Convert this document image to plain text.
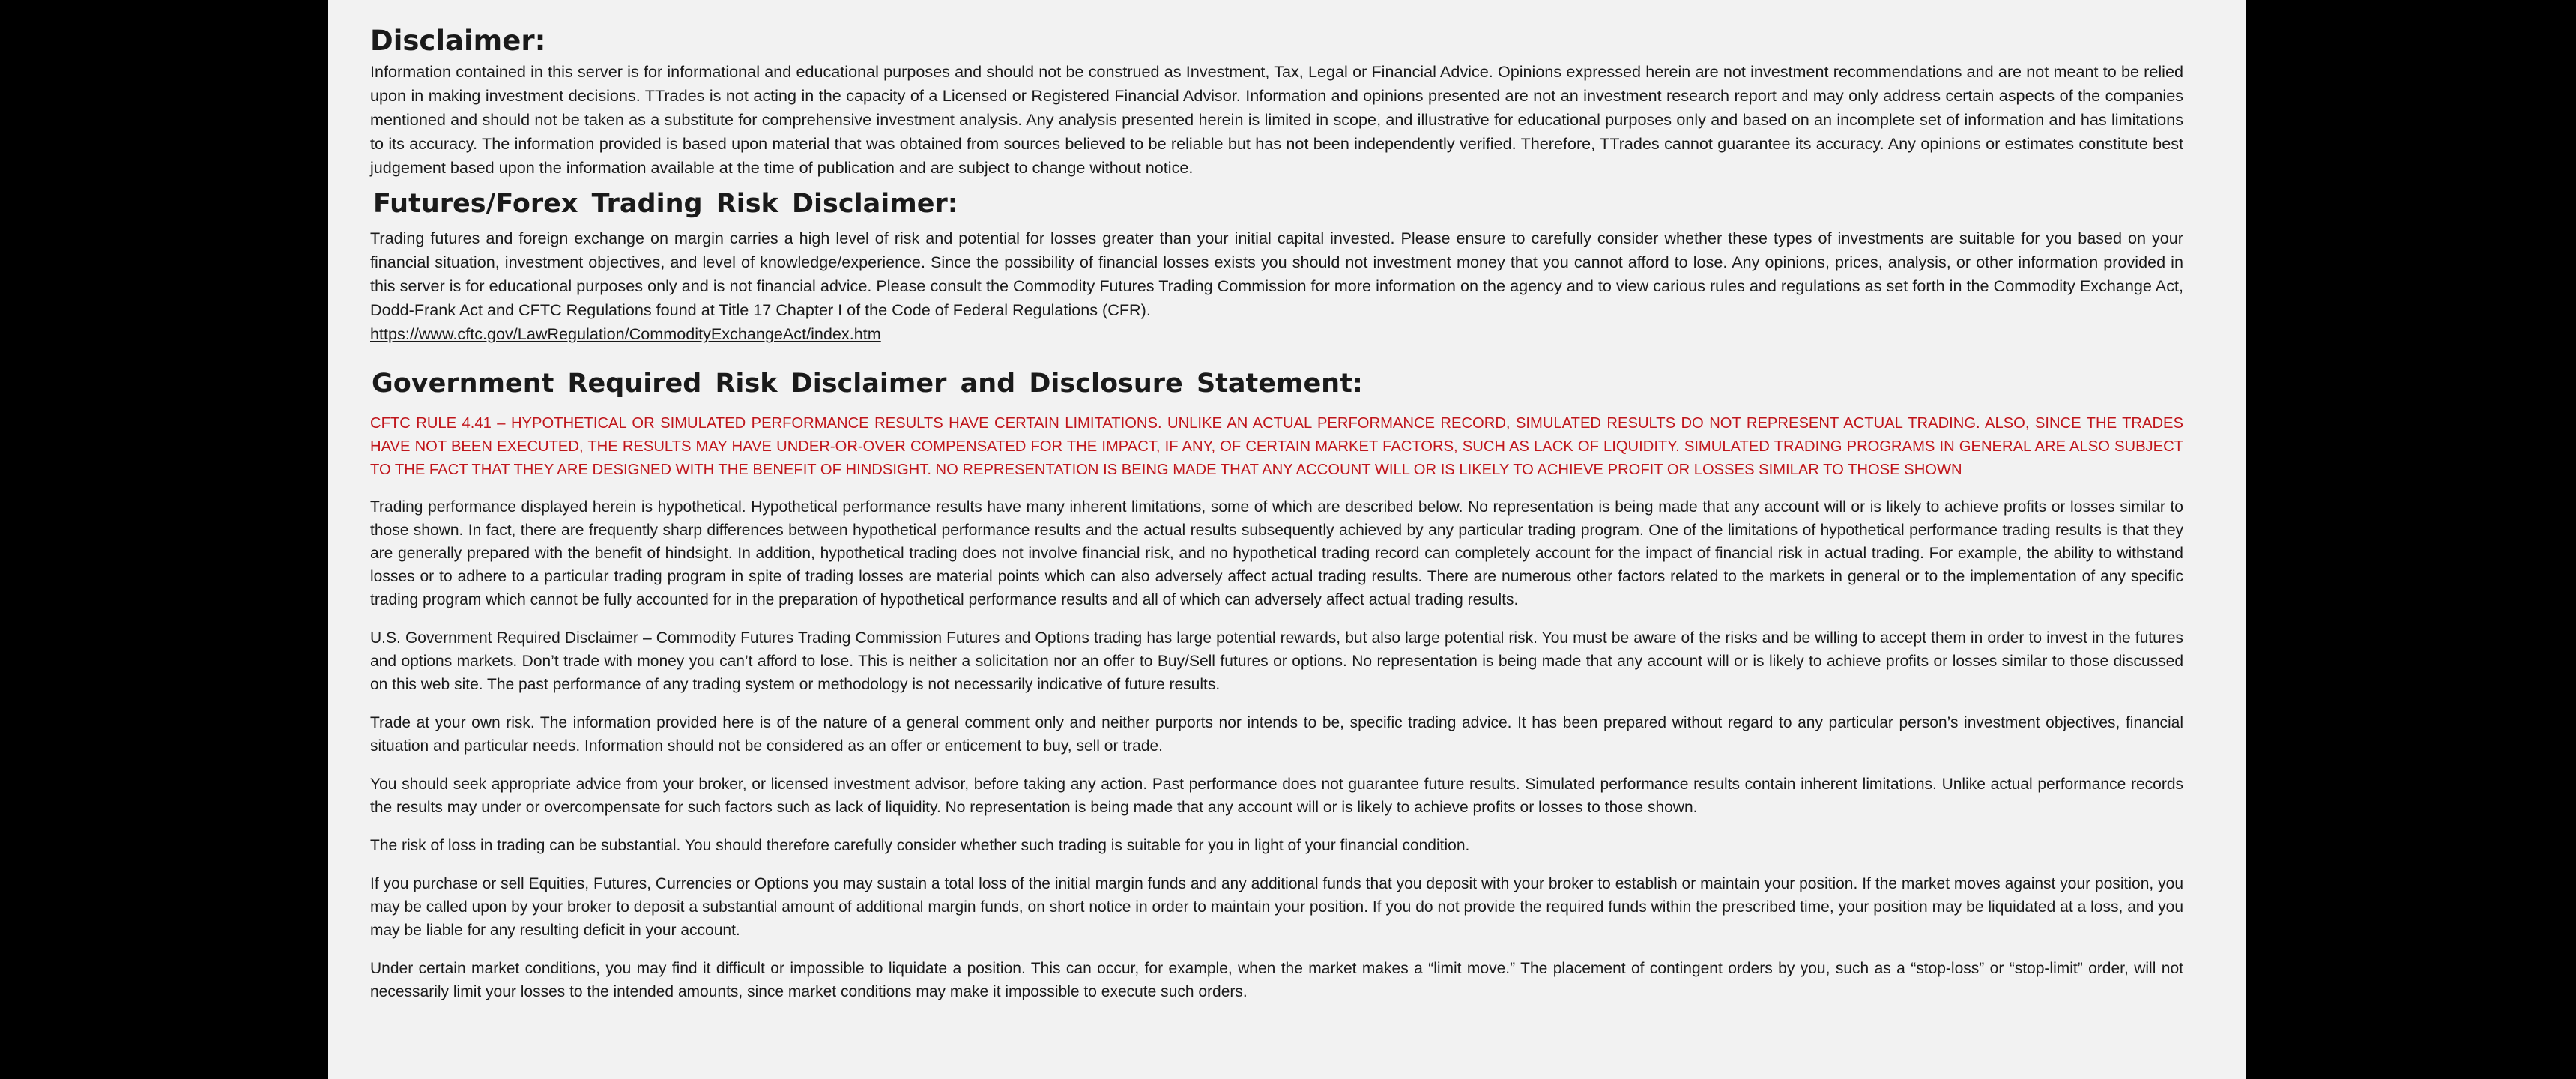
Disclaimer:

Information contained in this server is for informational and educational purposes and should not be construed as Investment, Tax, Legal or Financial Advice. Opinions expressed herein are not investment recommendations and are not meant to be relied upon in making investment decisions. TTrades is not acting in the capacity of a Licensed or Registered Financial Advisor. Information and opinions presented are not an investment research report and may only address certain aspects of the companies mentioned and should not be taken as a substitute for comprehensive investment analysis. Any analysis presented herein is limited in scope, and illustrative for educational purposes only and based on an incomplete set of information and has limitations to its accuracy. The information provided is based upon material that was obtained from sources believed to be reliable but has not been independently verified. Therefore, TTrades cannot guarantee its accuracy. Any opinions or estimates constitute best judgement based upon the information available at the time of publication and are subject to change without notice.

Futures/Forex Trading Risk Disclaimer:

Trading futures and foreign exchange on margin carries a high level of risk and potential for losses greater than your initial capital invested. Please ensure to carefully consider whether these types of investments are suitable for you based on your financial situation, investment objectives, and level of knowledge/experience. Since the possibility of financial losses exists you should not investment money that you cannot afford to lose. Any opinions, prices, analysis, or other information provided in this server is for educational purposes only and is not financial advice. Please consult the Commodity Futures Trading Commission for more information on the agency and to view carious rules and regulations as set forth in the Commodity Exchange Act, Dodd-Frank Act and CFTC Regulations found at Title 17 Chapter I of the Code of Federal Regulations (CFR).

https://www.cftc.gov/LawRegulation/CommodityExchangeAct/index.htm
Government Required Risk Disclaimer and Disclosure Statement:

CFTC RULE 4.41 – HYPOTHETICAL OR SIMULATED PERFORMANCE RESULTS HAVE CERTAIN LIMITATIONS. UNLIKE AN ACTUAL PERFORMANCE RECORD, SIMULATED RESULTS DO NOT REPRESENT ACTUAL TRADING. ALSO, SINCE THE TRADES HAVE NOT BEEN EXECUTED, THE RESULTS MAY HAVE UNDER-OR-OVER COMPENSATED FOR THE IMPACT, IF ANY, OF CERTAIN MARKET FACTORS, SUCH AS LACK OF LIQUIDITY. SIMULATED TRADING PROGRAMS IN GENERAL ARE ALSO SUBJECT TO THE FACT THAT THEY ARE DESIGNED WITH THE BENEFIT OF HINDSIGHT. NO REPRESENTATION IS BEING MADE THAT ANY ACCOUNT WILL OR IS LIKELY TO ACHIEVE PROFIT OR LOSSES SIMILAR TO THOSE SHOWN

Trading performance displayed herein is hypothetical. Hypothetical performance results have many inherent limitations, some of which are described below. No representation is being made that any account will or is likely to achieve profits or losses similar to those shown. In fact, there are frequently sharp differences between hypothetical performance results and the actual results subsequently achieved by any particular trading program. One of the limitations of hypothetical performance trading results is that they are generally prepared with the benefit of hindsight. In addition, hypothetical trading does not involve financial risk, and no hypothetical trading record can completely account for the impact of financial risk in actual trading. For example, the ability to withstand losses or to adhere to a particular trading program in spite of trading losses are material points which can also adversely affect actual trading results. There are numerous other factors related to the markets in general or to the implementation of any specific trading program which cannot be fully accounted for in the preparation of hypothetical performance results and all of which can adversely affect actual trading results.

U.S. Government Required Disclaimer – Commodity Futures Trading Commission Futures and Options trading has large potential rewards, but also large potential risk. You must be aware of the risks and be willing to accept them in order to invest in the futures and options markets. Don’t trade with money you can’t afford to lose. This is neither a solicitation nor an offer to Buy/Sell futures or options. No representation is being made that any account will or is likely to achieve profits or losses similar to those discussed on this web site. The past performance of any trading system or methodology is not necessarily indicative of future results.

Trade at your own risk. The information provided here is of the nature of a general comment only and neither purports nor intends to be, specific trading advice. It has been prepared without regard to any particular person’s investment objectives, financial situation and particular needs. Information should not be considered as an offer or enticement to buy, sell or trade.

You should seek appropriate advice from your broker, or licensed investment advisor, before taking any action. Past performance does not guarantee future results. Simulated performance results contain inherent limitations. Unlike actual performance records the results may under or overcompensate for such factors such as lack of liquidity. No representation is being made that any account will or is likely to achieve profits or losses to those shown.

The risk of loss in trading can be substantial. You should therefore carefully consider whether such trading is suitable for you in light of your financial condition.

If you purchase or sell Equities, Futures, Currencies or Options you may sustain a total loss of the initial margin funds and any additional funds that you deposit with your broker to establish or maintain your position. If the market moves against your position, you may be called upon by your broker to deposit a substantial amount of additional margin funds, on short notice in order to maintain your position. If you do not provide the required funds within the prescribed time, your position may be liquidated at a loss, and you may be liable for any resulting deficit in your account.

Under certain market conditions, you may find it difficult or impossible to liquidate a position. This can occur, for example, when the market makes a “limit move.” The placement of contingent orders by you, such as a “stop-loss” or “stop-limit” order, will not necessarily limit your losses to the intended amounts, since market conditions may make it impossible to execute such orders.
